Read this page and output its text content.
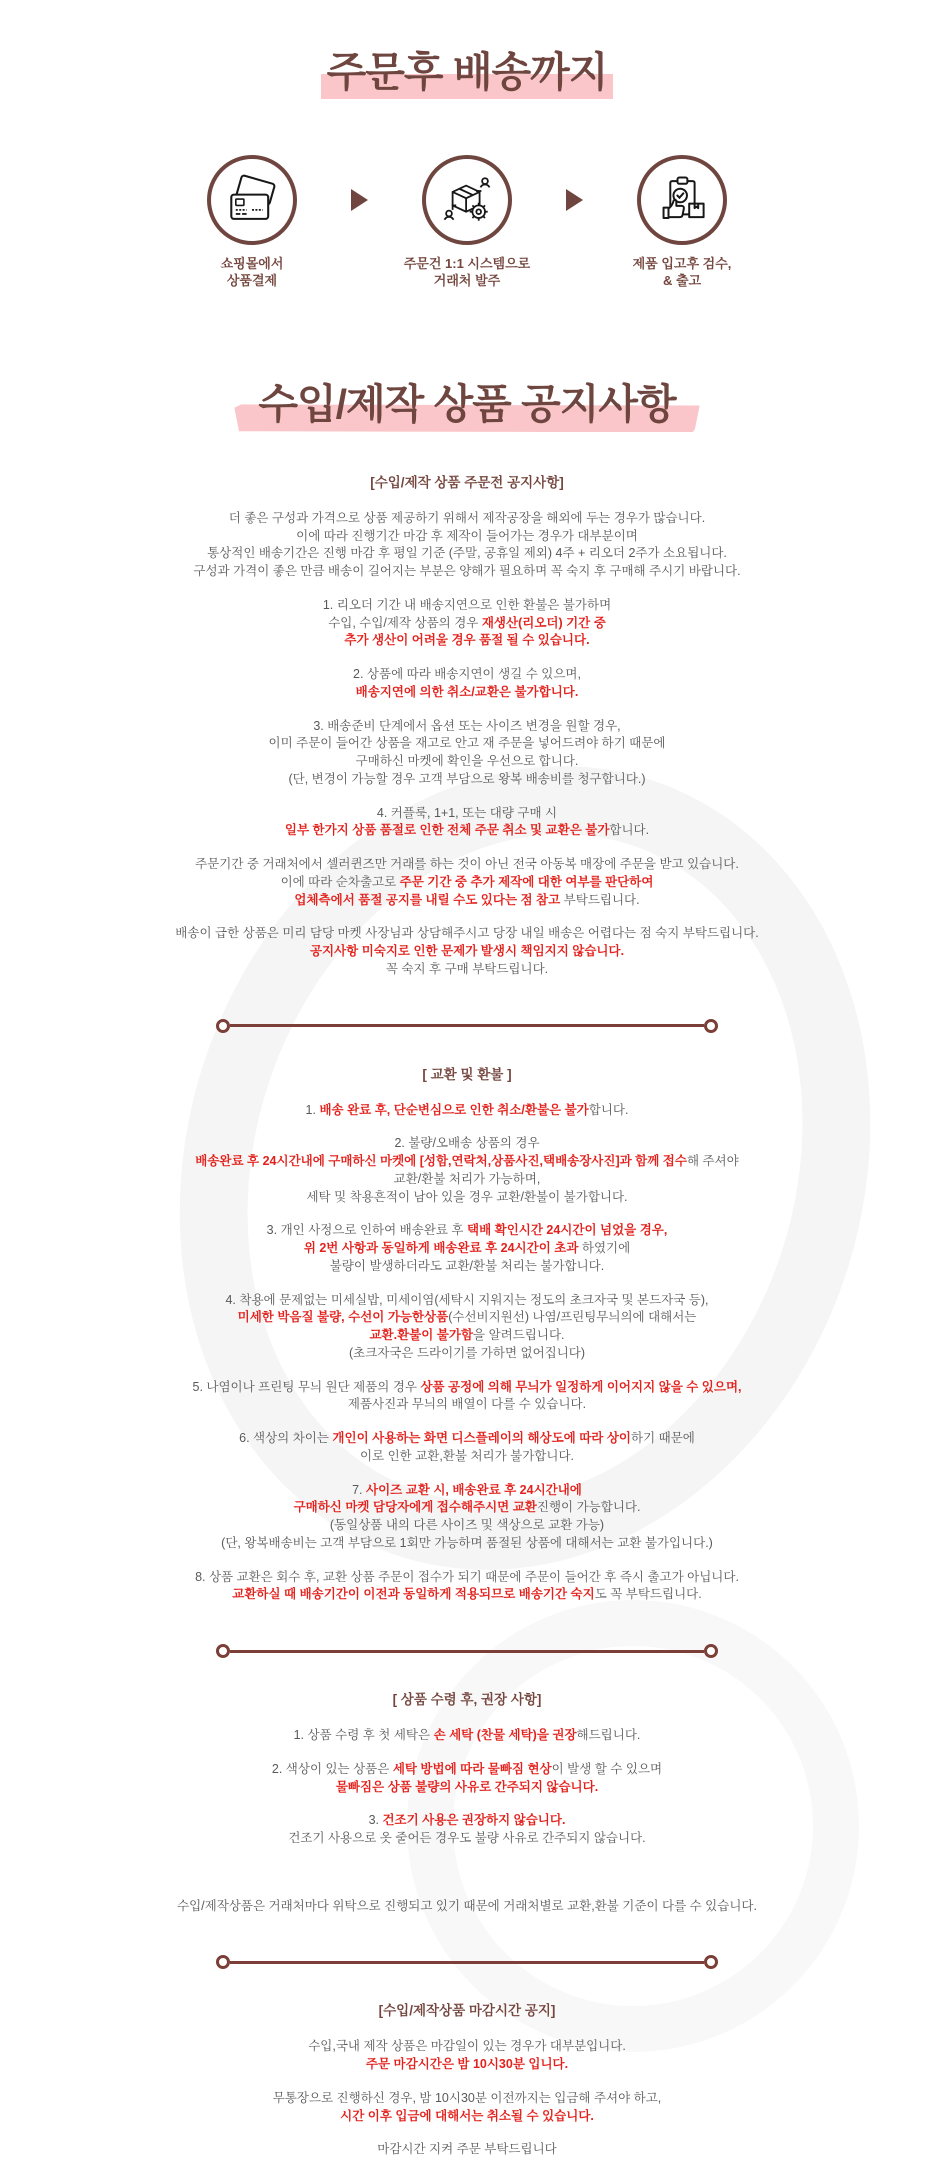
주문후 배송까지
쇼핑몰에서
상품결제
주문건 1:1 시스템으로
거래처 발주
제품 입고후 검수,
& 출고
수입/제작 상품 공지사항
[수입/제작 상품 주문전 공지사항]
더 좋은 구성과 가격으로 상품 제공하기 위해서 제작공장을 해외에 두는 경우가 많습니다.
이에 따라 진행기간 마감 후 제작이 들어가는 경우가 대부분이며
통상적인 배송기간은 진행 마감 후 평일 기준 (주말, 공휴일 제외) 4주 + 리오더 2주가 소요됩니다.
구성과 가격이 좋은 만큼 배송이 길어지는 부분은 양해가 필요하며 꼭 숙지 후 구매해 주시기 바랍니다.
1. 리오더 기간 내 배송지연으로 인한 환불은 불가하며
수입, 수입/제작 상품의 경우 재생산(리오더) 기간 중
추가 생산이 어려울 경우 품절 될 수 있습니다.
2. 상품에 따라 배송지연이 생길 수 있으며,
배송지연에 의한 취소/교환은 불가합니다.
3. 배송준비 단계에서 옵션 또는 사이즈 변경을 원할 경우,
이미 주문이 들어간 상품을 재고로 안고 재 주문을 넣어드려야 하기 때문에
구매하신 마켓에 확인을 우선으로 합니다.
(단, 변경이 가능할 경우 고객 부담으로 왕복 배송비를 청구합니다.)
4. 커플룩, 1+1, 또는 대량 구매 시
일부 한가지 상품 품절로 인한 전체 주문 취소 및 교환은 불가합니다.
주문기간 중 거래처에서 셀러퀸즈만 거래를 하는 것이 아닌 전국 아동복 매장에 주문을 받고 있습니다.
이에 따라 순차출고로 주문 기간 중 추가 제작에 대한 여부를 판단하여
업체측에서 품절 공지를 내릴 수도 있다는 점 참고 부탁드립니다.
배송이 급한 상품은 미리 담당 마켓 사장님과 상담해주시고 당장 내일 배송은 어렵다는 점 숙지 부탁드립니다.
공지사항 미숙지로 인한 문제가 발생시 책임지지 않습니다.
꼭 숙지 후 구매 부탁드립니다.
[ 교환 및 환불 ]
1. 배송 완료 후, 단순변심으로 인한 취소/환불은 불가합니다.
2. 불량/오배송 상품의 경우
배송완료 후 24시간내에 구매하신 마켓에 [성함,연락처,상품사진,택배송장사진]과 함께 접수해 주셔야
교환/환불 처리가 가능하며,
세탁 및 착용흔적이 남아 있을 경우 교환/환불이 불가합니다.
3. 개인 사정으로 인하여 배송완료 후 택배 확인시간 24시간이 넘었을 경우,
위 2번 사항과 동일하게 배송완료 후 24시간이 초과 하였기에
불량이 발생하더라도 교환/환불 처리는 불가합니다.
4. 착용에 문제없는 미세실밥, 미세이염(세탁시 지워지는 정도의 초크자국 및 본드자국 등),
미세한 박음질 불량, 수선이 가능한상품(수선비지원선) 나염/프린팅무늬의에 대해서는
교환.환불이 불가함을 알려드립니다.
(초크자국은 드라이기를 가하면 없어집니다)
5. 나염이나 프린팅 무늬 원단 제품의 경우 상품 공정에 의해 무늬가 일정하게 이어지지 않을 수 있으며,
제품사진과 무늬의 배열이 다를 수 있습니다.
6. 색상의 차이는 개인이 사용하는 화면 디스플레이의 해상도에 따라 상이하기 때문에
이로 인한 교환,환불 처리가 불가합니다.
7. 사이즈 교환 시, 배송완료 후 24시간내에
구매하신 마켓 담당자에게 접수해주시면 교환진행이 가능합니다.
(동일상품 내의 다른 사이즈 및 색상으로 교환 가능)
(단, 왕복배송비는 고객 부담으로 1회만 가능하며 품절된 상품에 대해서는 교환 불가입니다.)
8. 상품 교환은 회수 후, 교환 상품 주문이 접수가 되기 때문에 주문이 들어간 후 즉시 출고가 아닙니다.
교환하실 때 배송기간이 이전과 동일하게 적용되므로 배송기간 숙지도 꼭 부탁드립니다.
[ 상품 수령 후, 권장 사항]
1. 상품 수령 후 첫 세탁은 손 세탁 (찬물 세탁)을 권장해드립니다.
2. 색상이 있는 상품은 세탁 방법에 따라 물빠짐 현상이 발생 할 수 있으며
물빠짐은 상품 불량의 사유로 간주되지 않습니다.
3. 건조기 사용은 권장하지 않습니다.
건조기 사용으로 옷 줄어든 경우도 불량 사유로 간주되지 않습니다.

수입/제작상품은 거래처마다 위탁으로 진행되고 있기 때문에 거래처별로 교환,환불 기준이 다를 수 있습니다.
[수입/제작상품 마감시간 공지]
수입,국내 제작 상품은 마감일이 있는 경우가 대부분입니다.
주문 마감시간은 밤 10시30분 입니다.
무통장으로 진행하신 경우, 밤 10시30분 이전까지는 입금해 주셔야 하고,
시간 이후 입금에 대해서는 취소될 수 있습니다.
마감시간 지켜 주문 부탁드립니다
